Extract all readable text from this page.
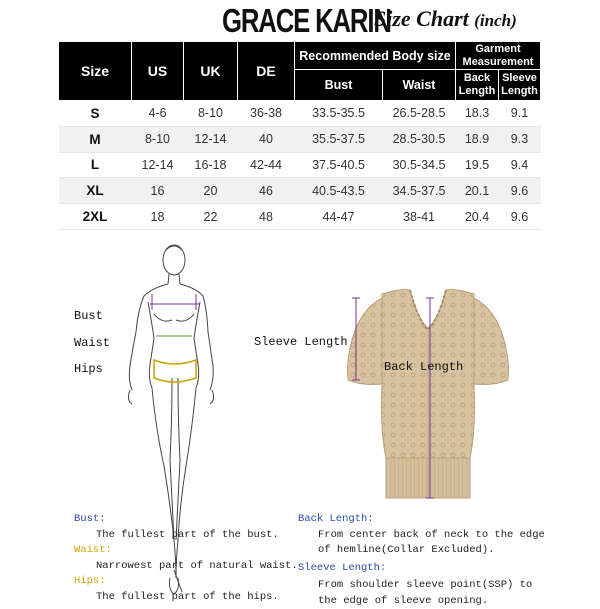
GRACE KARIN
Size Chart (inch)
Size	US	UK	DE	Recommended Body size		Garment Measurement	
				Bust	Waist	Back Length	Sleeve Length
S	4-6	8-10	36-38	33.5-35.5	26.5-28.5	18.3	9.1
M	8-10	12-14	40	35.5-37.5	28.5-30.5	18.9	9.3
L	12-14	16-18	42-44	37.5-40.5	30.5-34.5	19.5	9.4
XL	16	20	46	40.5-43.5	34.5-37.5	20.1	9.6
2XL	18	22	48	44-47	38-41	20.4	9.6
Bust
Waist
Hips
Sleeve Length
Back Length
Bust:
The fullest part of the bust.
Waist:
Narrowest part of natural waist.
Hips:
The fullest part of the hips.
Back Length:
From center back of neck to the edge
of hemline(Collar Excluded).
Sleeve Length:
From shoulder sleeve point(SSP) to
the edge of sleeve opening.
